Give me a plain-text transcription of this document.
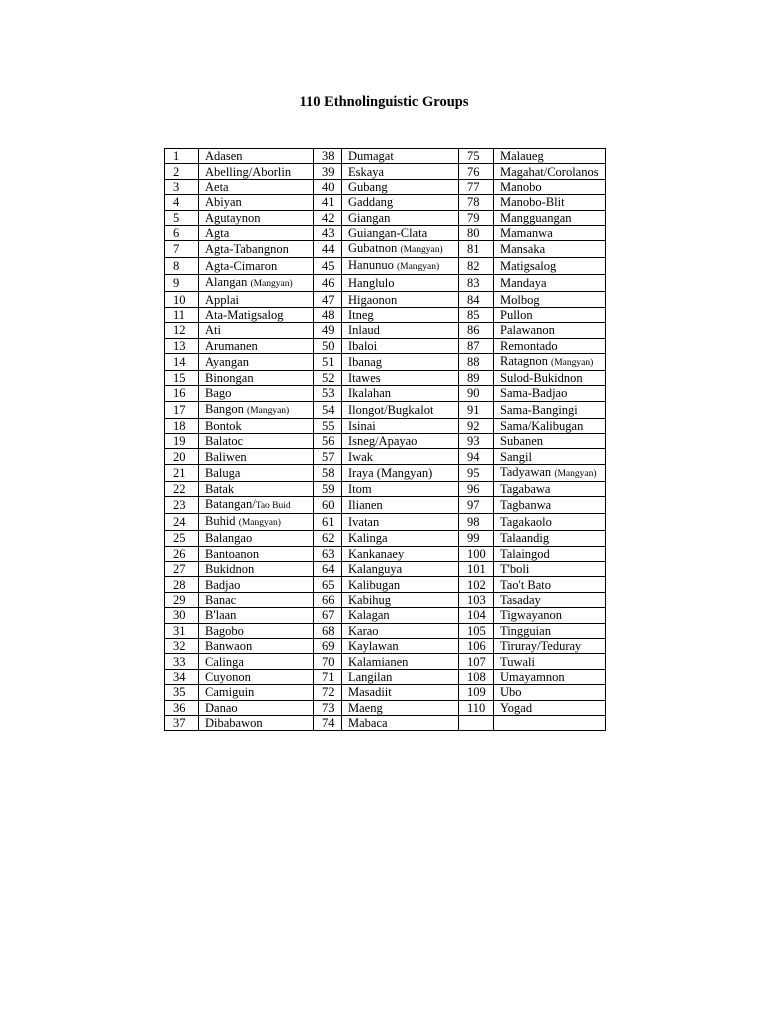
110 Ethnolinguistic Groups
1	Adasen	38	Dumagat	75	Malaueg
2	Abelling/Aborlin	39	Eskaya	76	Magahat/Corolanos
3	Aeta	40	Gubang	77	Manobo
4	Abiyan	41	Gaddang	78	Manobo-Blit
5	Agutaynon	42	Giangan	79	Mangguangan
6	Agta	43	Guiangan-Clata	80	Mamanwa
7	Agta-Tabangnon	44	Gubatnon (Mangyan)	81	Mansaka
8	Agta-Cimaron	45	Hanunuo (Mangyan)	82	Matigsalog
9	Alangan (Mangyan)	46	Hanglulo	83	Mandaya
10	Applai	47	Higaonon	84	Molbog
11	Ata-Matigsalog	48	Itneg	85	Pullon
12	Ati	49	Inlaud	86	Palawanon
13	Arumanen	50	Ibaloi	87	Remontado
14	Ayangan	51	Ibanag	88	Ratagnon (Mangyan)
15	Binongan	52	Itawes	89	Sulod-Bukidnon
16	Bago	53	Ikalahan	90	Sama-Badjao
17	Bangon (Mangyan)	54	Ilongot/Bugkalot	91	Sama-Bangingi
18	Bontok	55	Isinai	92	Sama/Kalibugan
19	Balatoc	56	Isneg/Apayao	93	Subanen
20	Baliwen	57	Iwak	94	Sangil
21	Baluga	58	Iraya (Mangyan)	95	Tadyawan (Mangyan)
22	Batak	59	Itom	96	Tagabawa
23	Batangan/Tao Buid	60	Ilianen	97	Tagbanwa
24	Buhid (Mangyan)	61	Ivatan	98	Tagakaolo
25	Balangao	62	Kalinga	99	Talaandig
26	Bantoanon	63	Kankanaey	100	Talaingod
27	Bukidnon	64	Kalanguya	101	T'boli
28	Badjao	65	Kalibugan	102	Tao't Bato
29	Banac	66	Kabihug	103	Tasaday
30	B'laan	67	Kalagan	104	Tigwayanon
31	Bagobo	68	Karao	105	Tingguian
32	Banwaon	69	Kaylawan	106	Tiruray/Teduray
33	Calinga	70	Kalamianen	107	Tuwali
34	Cuyonon	71	Langilan	108	Umayamnon
35	Camiguin	72	Masadiit	109	Ubo
36	Danao	73	Maeng	110	Yogad
37	Dibabawon	74	Mabaca		
